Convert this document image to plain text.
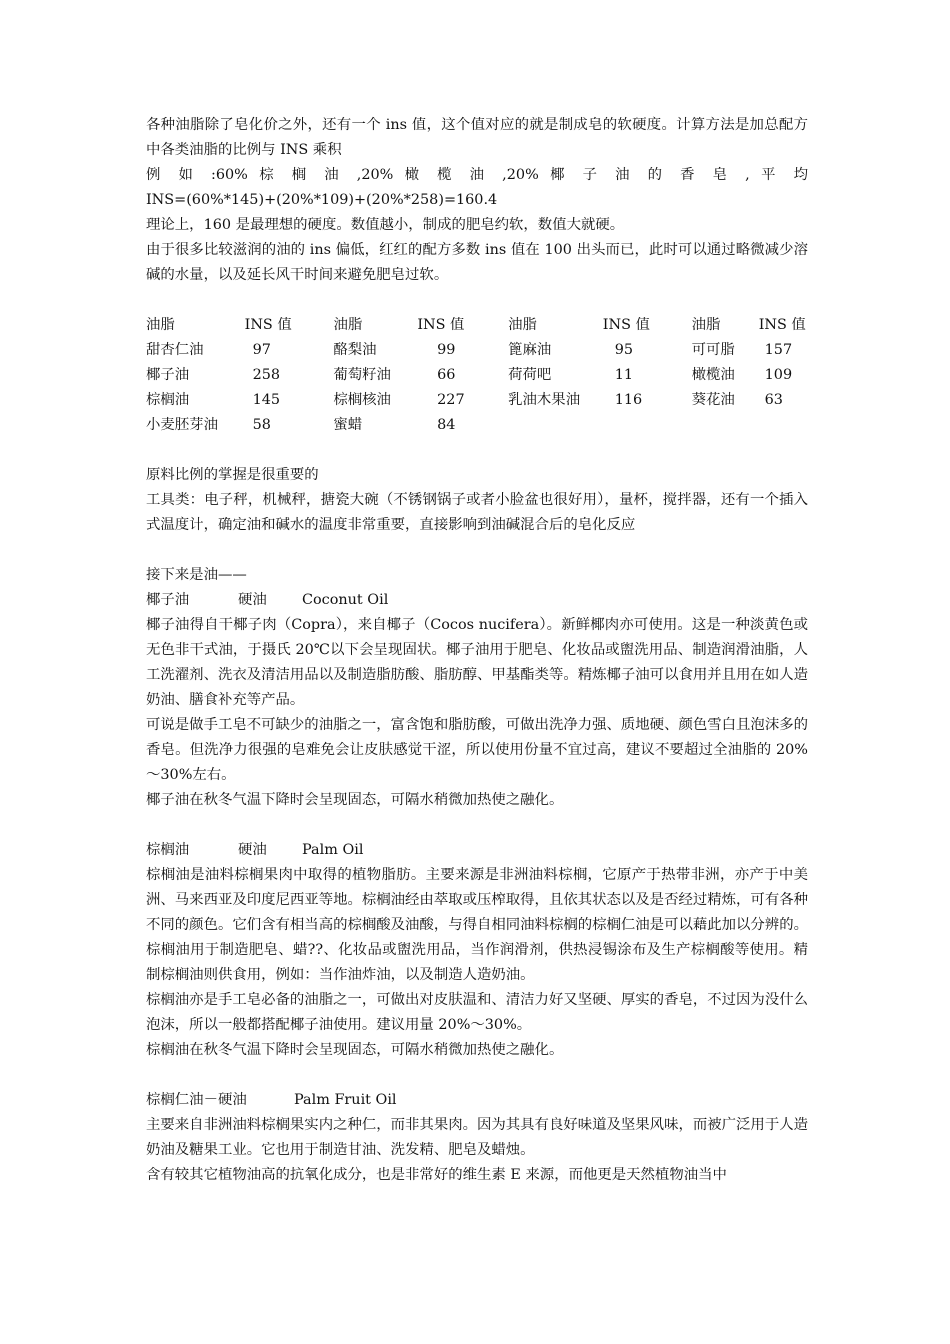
各种油脂除了皂化价之外，还有一个 ins 值，这个值对应的就是制成皂的软硬度。计算方法是加总配方中各类油脂的比例与 INS 乘积

例 如 :60% 棕 榈 油 ,20% 橄 榄 油 ,20% 椰 子 油 的 香 皂 , 平 均

INS=(60%*145)+(20%*109)+(20%*258)=160.4

理论上，160 是最理想的硬度。数值越小，制成的肥皂约软，数值大就硬。

由于很多比较滋润的油的 ins 偏低，红红的配方多数 ins 值在 100 出头而已，此时可以通过略微减少溶碱的水量，以及延长风干时间来避免肥皂过软。

油脂	INS 值	油脂	INS 值	油脂	INS 值	油脂	INS 值
甜杏仁油	97	酪梨油	99	篦麻油	95	可可脂	157
椰子油	258	葡萄籽油	66	荷荷吧	11	橄榄油	109
棕榈油	145	棕榈核油	227	乳油木果油	116	葵花油	63
小麦胚芽油	58	蜜蜡	84

原料比例的掌握是很重要的

工具类：电子秤，机械秤，搪瓷大碗（不锈钢锅子或者小脸盆也很好用），量杯，搅拌器，还有一个插入式温度计，确定油和碱水的温度非常重要，直接影响到油碱混合后的皂化反应

接下来是油——

椰子油	硬油	Coconut Oil

椰子油得自干椰子肉（Copra），来自椰子（Cocos nucifera）。新鲜椰肉亦可使用。这是一种淡黄色或无色非干式油，于摄氏 20℃以下会呈现固状。椰子油用于肥皂、化妆品或盥洗用品、制造润滑油脂，人工洗濯剂、洗衣及清洁用品以及制造脂肪酸、脂肪醇、甲基酯类等。精炼椰子油可以食用并且用在如人造奶油、膳食补充等产品。

可说是做手工皂不可缺少的油脂之一，富含饱和脂肪酸，可做出洗净力强、质地硬、颜色雪白且泡沫多的香皂。但洗净力很强的皂难免会让皮肤感觉干涩，所以使用份量不宜过高，建议不要超过全油脂的 20%～30%左右。

椰子油在秋冬气温下降时会呈现固态，可隔水稍微加热使之融化。

棕榈油	硬油	Palm Oil

棕榈油是油料棕榈果肉中取得的植物脂肪。主要来源是非洲油料棕榈，它原产于热带非洲，亦产于中美洲、马来西亚及印度尼西亚等地。棕榈油经由萃取或压榨取得，且依其状态以及是否经过精炼，可有各种不同的颜色。它们含有相当高的棕榈酸及油酸，与得自相同油料棕榈的棕榈仁油是可以藉此加以分辨的。

棕榈油用于制造肥皂、蜡??、化妆品或盥洗用品，当作润滑剂，供热浸锡涂布及生产棕榈酸等使用。精制棕榈油则供食用，例如：当作油炸油，以及制造人造奶油。

棕榈油亦是手工皂必备的油脂之一，可做出对皮肤温和、清洁力好又坚硬、厚实的香皂，不过因为没什么泡沫，所以一般都搭配椰子油使用。建议用量 20%～30%。

棕榈油在秋冬气温下降时会呈现固态，可隔水稍微加热使之融化。

棕榈仁油－硬油	Palm Fruit Oil

主要来自非洲油料棕榈果实内之种仁，而非其果肉。因为其具有良好味道及坚果风味，而被广泛用于人造奶油及糖果工业。它也用于制造甘油、洗发精、肥皂及蜡烛。

含有较其它植物油高的抗氧化成分，也是非常好的维生素 E 来源，而他更是天然植物油当中
